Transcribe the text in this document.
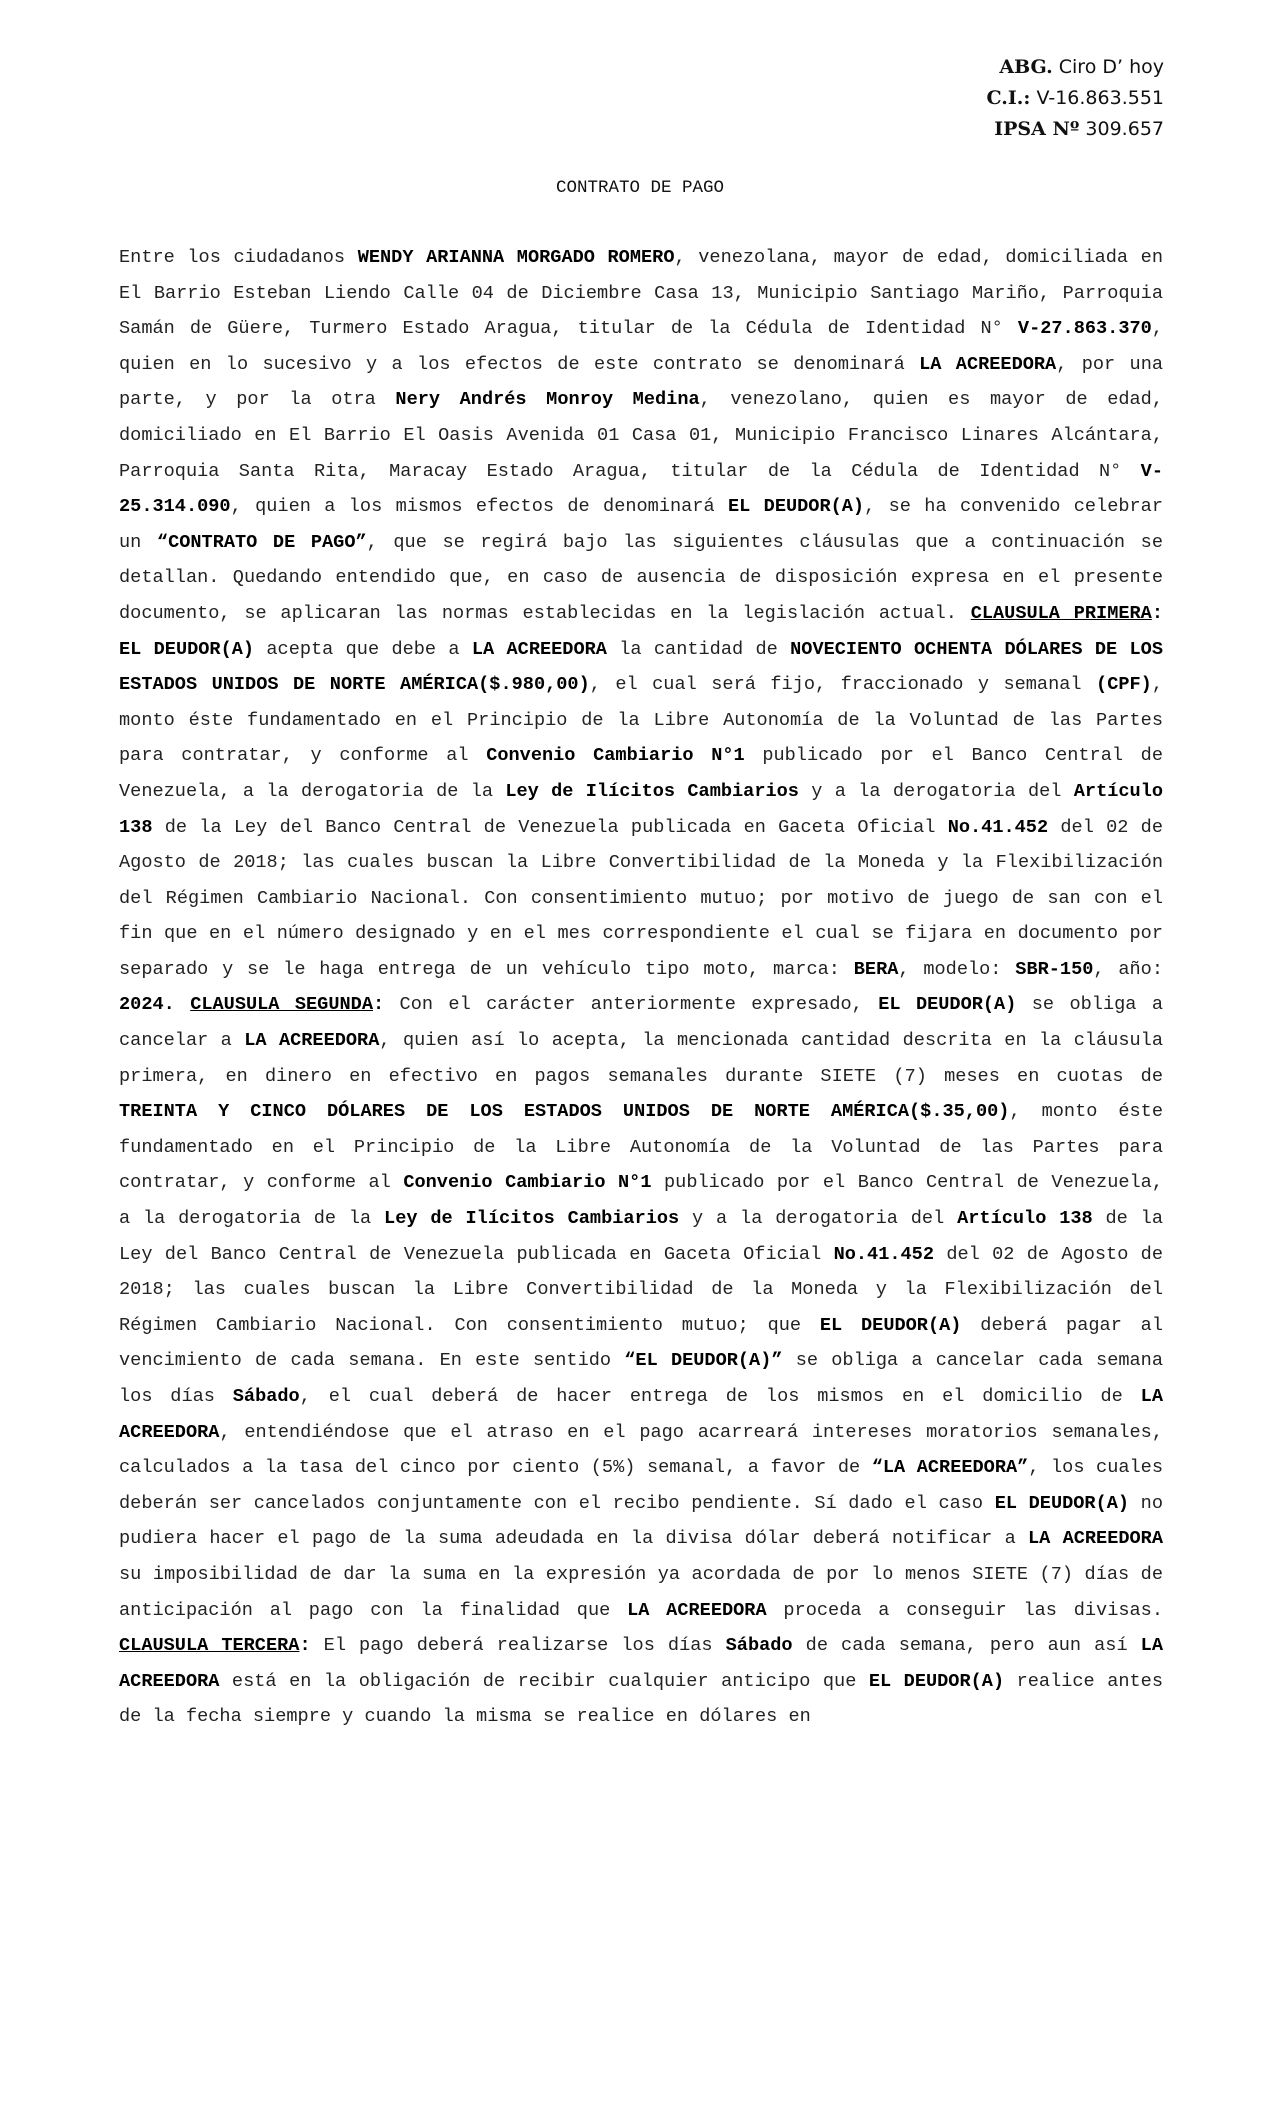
ABG. Ciro D’ hoy
C.I.: V-16.863.551
IPSA Nº 309.657
CONTRATO DE PAGO
Entre los ciudadanos WENDY ARIANNA MORGADO ROMERO, venezolana, mayor de edad, domiciliada en El Barrio Esteban Liendo Calle 04 de Diciembre Casa 13, Municipio Santiago Mariño, Parroquia Samán de Güere, Turmero Estado Aragua, titular de la Cédula de Identidad N° V-27.863.370, quien en lo sucesivo y a los efectos de este contrato se denominará LA ACREEDORA, por una parte, y por la otra Nery Andrés Monroy Medina, venezolano, quien es mayor de edad, domiciliado en El Barrio El Oasis Avenida 01 Casa 01, Municipio Francisco Linares Alcántara, Parroquia Santa Rita, Maracay Estado Aragua, titular de la Cédula de Identidad N° V-25.314.090, quien a los mismos efectos de denominará EL DEUDOR(A), se ha convenido celebrar un “CONTRATO DE PAGO”, que se regirá bajo las siguientes cláusulas que a continuación se detallan. Quedando entendido que, en caso de ausencia de disposición expresa en el presente documento, se aplicaran las normas establecidas en la legislación actual. CLAUSULA PRIMERA: EL DEUDOR(A) acepta que debe a LA ACREEDORA la cantidad de NOVECIENTO OCHENTA DÓLARES DE LOS ESTADOS UNIDOS DE NORTE AMÉRICA($.980,00), el cual será fijo, fraccionado y semanal (CPF), monto éste fundamentado en el Principio de la Libre Autonomía de la Voluntad de las Partes para contratar, y conforme al Convenio Cambiario N°1 publicado por el Banco Central de Venezuela, a la derogatoria de la Ley de Ilícitos Cambiarios y a la derogatoria del Artículo 138 de la Ley del Banco Central de Venezuela publicada en Gaceta Oficial No.41.452 del 02 de Agosto de 2018; las cuales buscan la Libre Convertibilidad de la Moneda y la Flexibilización del Régimen Cambiario Nacional. Con consentimiento mutuo; por motivo de juego de san con el fin que en el número designado y en el mes correspondiente el cual se fijara en documento por separado y se le haga entrega de un vehículo tipo moto, marca: BERA, modelo: SBR-150, año: 2024. CLAUSULA SEGUNDA: Con el carácter anteriormente expresado, EL DEUDOR(A) se obliga a cancelar a LA ACREEDORA, quien así lo acepta, la mencionada cantidad descrita en la cláusula primera, en dinero en efectivo en pagos semanales durante SIETE (7) meses en cuotas de TREINTA Y CINCO DÓLARES DE LOS ESTADOS UNIDOS DE NORTE AMÉRICA($.35,00), monto éste fundamentado en el Principio de la Libre Autonomía de la Voluntad de las Partes para contratar, y conforme al Convenio Cambiario N°1 publicado por el Banco Central de Venezuela, a la derogatoria de la Ley de Ilícitos Cambiarios y a la derogatoria del Artículo 138 de la Ley del Banco Central de Venezuela publicada en Gaceta Oficial No.41.452 del 02 de Agosto de 2018; las cuales buscan la Libre Convertibilidad de la Moneda y la Flexibilización del Régimen Cambiario Nacional. Con consentimiento mutuo; que EL DEUDOR(A) deberá pagar al vencimiento de cada semana. En este sentido “EL DEUDOR(A)” se obliga a cancelar cada semana los días Sábado, el cual deberá de hacer entrega de los mismos en el domicilio de LA ACREEDORA, entendiéndose que el atraso en el pago acarreará intereses moratorios semanales, calculados a la tasa del cinco por ciento (5%) semanal, a favor de “LA ACREEDORA”, los cuales deberán ser cancelados conjuntamente con el recibo pendiente. Sí dado el caso EL DEUDOR(A) no pudiera hacer el pago de la suma adeudada en la divisa dólar deberá notificar a LA ACREEDORA su imposibilidad de dar la suma en la expresión ya acordada de por lo menos SIETE (7) días de anticipación al pago con la finalidad que LA ACREEDORA proceda a conseguir las divisas. CLAUSULA TERCERA: El pago deberá realizarse los días Sábado de cada semana, pero aun así LA ACREEDORA está en la obligación de recibir cualquier anticipo que EL DEUDOR(A) realice antes de la fecha siempre y cuando la misma se realice en dólares en
